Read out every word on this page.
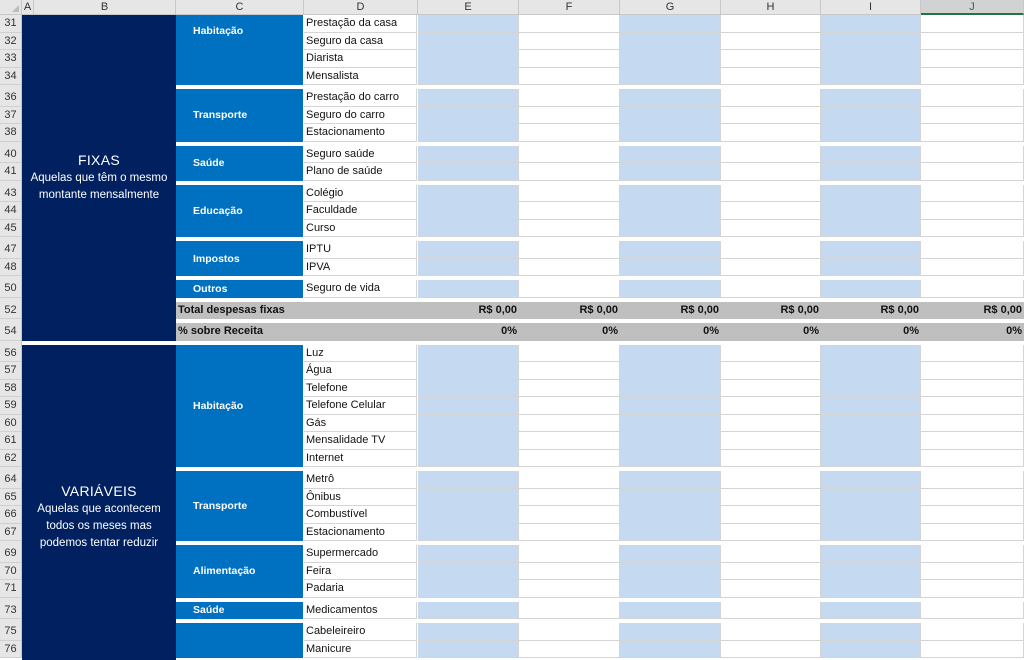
A	B	C	D	E	F	G	H	I	J
31	Prestação da casa
32	Seguro da casa
33	Diarista
34	Mensalista
Habitação
36	Prestação do carro
37	Seguro do carro
38	Estacionamento
Transporte
40	Seguro saúde
41	Plano de saúde
Saúde
43	Colégio
44	Faculdade
45	Curso
Educação
47	IPTU
48	IPVA
Impostos
50	Seguro de vida
Outros
52	Total despesas fixas	R$ 0,00	R$ 0,00	R$ 0,00	R$ 0,00	R$ 0,00	R$ 0,00
54	% sobre Receita	0%	0%	0%	0%	0%	0%
FIXAS
Aquelas que têm o mesmo montante mensalmente
56	Luz
57	Água
58	Telefone
59	Telefone Celular
60	Gás
61	Mensalidade TV
62	Internet
Habitação
64	Metrô
65	Ônibus
66	Combustível
67	Estacionamento
Transporte
69	Supermercado
70	Feira
71	Padaria
Alimentação
73	Medicamentos
Saúde
75	Cabeleireiro
76	Manicure
VARIÁVEIS
Aquelas que acontecem todos os meses mas podemos tentar reduzir
